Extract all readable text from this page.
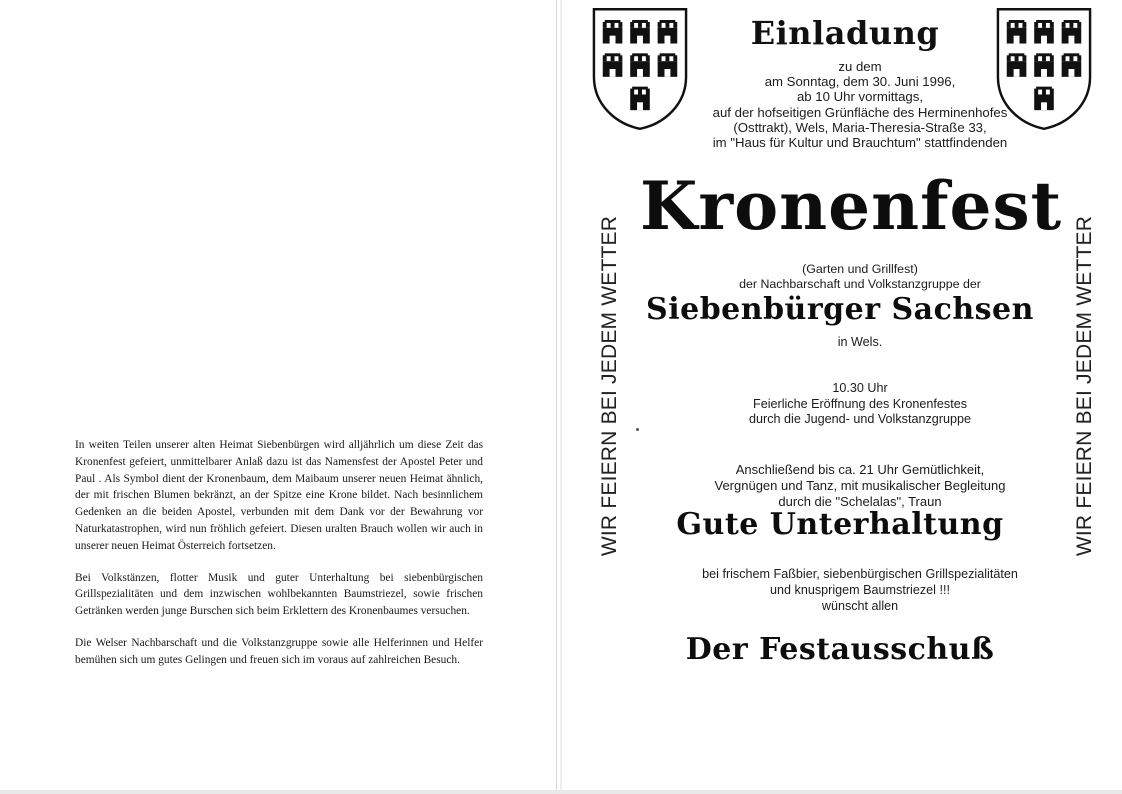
In weiten Teilen unserer alten Heimat Siebenbürgen wird alljährlich um diese Zeit das Kronenfest gefeiert, unmittelbarer Anlaß dazu ist das Namensfest der Apostel Peter und Paul . Als Symbol dient der Kronenbaum, dem Maibaum unserer neuen Heimat ähnlich, der mit frischen Blumen bekränzt, an der Spitze eine Krone bildet. Nach besinnlichem Gedenken an die beiden Apostel, verbunden mit dem Dank vor der Bewahrung vor Naturkatastrophen, wird nun fröhlich gefeiert. Diesen uralten Brauch wollen wir auch in unserer neuen Heimat Österreich fortsetzen.

Bei Volkstänzen, flotter Musik und guter Unterhaltung bei siebenbürgischen Grillspezialitäten und dem inzwischen wohlbekannten Baumstriezel, sowie frischen Getränken werden junge Burschen sich beim Erklettern des Kronenbaumes versuchen.

Die Welser Nachbarschaft und die Volkstanzgruppe sowie alle Helferinnen und Helfer bemühen sich um gutes Gelingen und freuen sich im voraus auf zahlreichen Besuch.

WIR FEIERN BEI JEDEM WETTER	WIR FEIERN BEI JEDEM WETTER
Einladung
zu dem
am Sonntag, dem 30. Juni 1996,
ab 10 Uhr vormittags,
auf der hofseitigen Grünfläche des Herminenhofes
(Osttrakt), Wels, Maria-Theresia-Straße 33,
im "Haus für Kultur und Brauchtum" stattfindenden
Kronenfest
(Garten und Grillfest)
der Nachbarschaft und Volkstanzgruppe der
Siebenbürger Sachsen
in Wels.
10.30 Uhr
Feierliche Eröffnung des Kronenfestes
durch die Jugend- und Volkstanzgruppe
Anschließend bis ca. 21 Uhr Gemütlichkeit,
Vergnügen und Tanz, mit musikalischer Begleitung
durch die "Schelalas", Traun
Gute Unterhaltung
bei frischem Faßbier, siebenbürgischen Grillspezialitäten
und knusprigem Baumstriezel !!!
wünscht allen
Der Festausschuß
